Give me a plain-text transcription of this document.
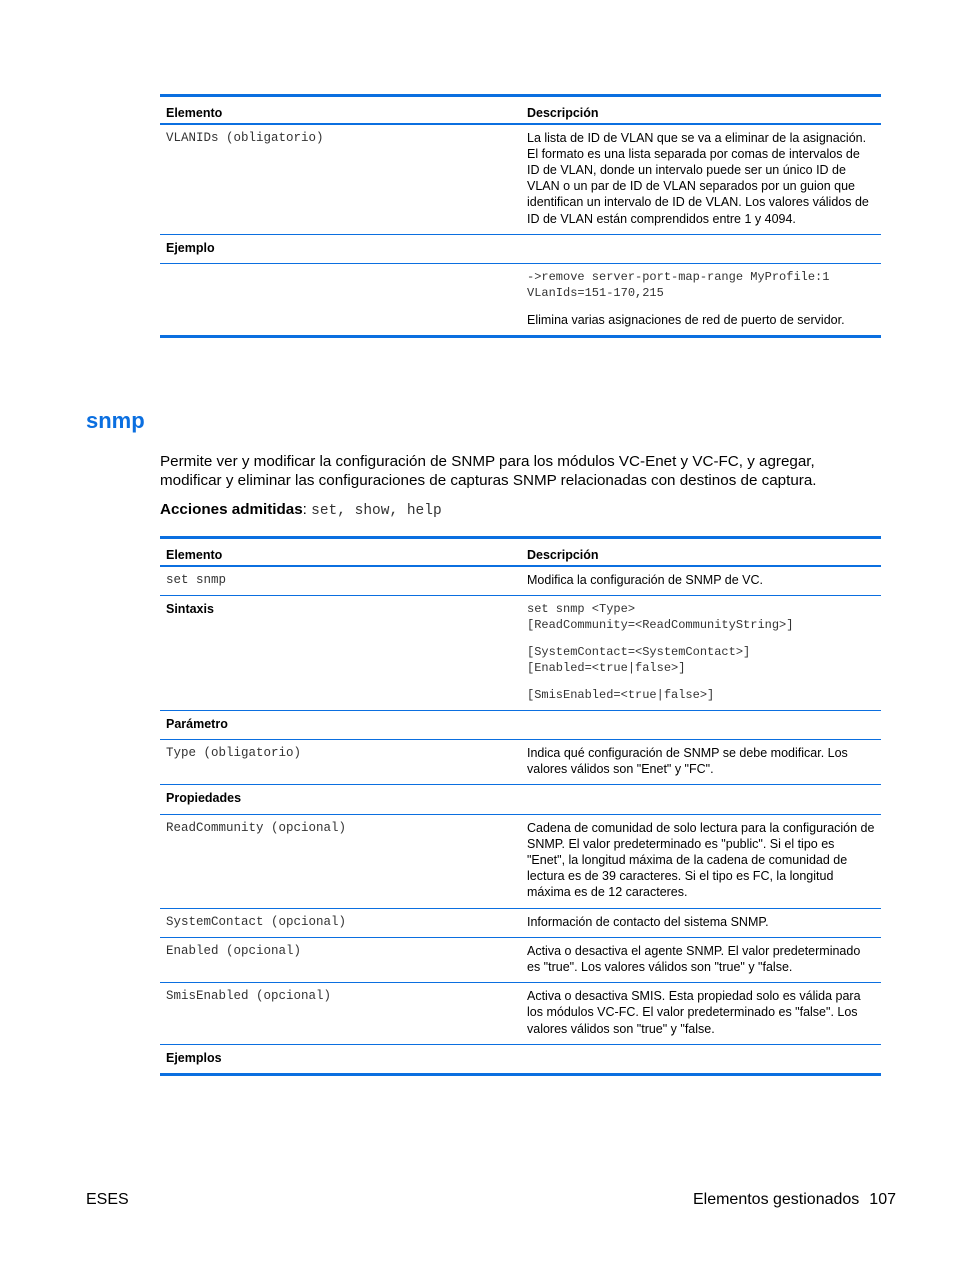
Elemento	Descripción
VLANIDs (obligatorio)	La lista de ID de VLAN que se va a eliminar de la asignación. El formato es una lista separada por comas de intervalos de ID de VLAN, donde un intervalo puede ser un único ID de VLAN o un par de ID de VLAN separados por un guion que identifican un intervalo de ID de VLAN. Los valores válidos de ID de VLAN están comprendidos entre 1 y 4094.
Ejemplo	

	->remove server-port-map-range MyProfile:1
VLanIds=151-170,215

Elimina varias asignaciones de red de puerto de servidor.

snmp

Permite ver y modificar la configuración de SNMP para los módulos VC-Enet y VC-FC, y agregar, modificar y eliminar las configuraciones de capturas SNMP relacionadas con destinos de captura.

Acciones admitidas: set, show, help

Elemento	Descripción
set snmp	Modifica la configuración de SNMP de VC.
Sintaxis	set snmp <Type>
[ReadCommunity=<ReadCommunityString>]

[SystemContact=<SystemContact>]
[Enabled=<true|false>]

[SmisEnabled=<true|false>]

Parámetro	
Type (obligatorio)	Indica qué configuración de SNMP se debe modificar. Los valores válidos son "Enet" y "FC".
Propiedades	
ReadCommunity (opcional)	Cadena de comunidad de solo lectura para la configuración de SNMP. El valor predeterminado es "public". Si el tipo es "Enet", la longitud máxima de la cadena de comunidad de lectura es de 39 caracteres. Si el tipo es FC, la longitud máxima es de 12 caracteres.
SystemContact (opcional)	Información de contacto del sistema SNMP.
Enabled (opcional)	Activa o desactiva el agente SNMP. El valor predeterminado es "true". Los valores válidos son "true" y "false.
SmisEnabled (opcional)	Activa o desactiva SMIS. Esta propiedad solo es válida para los módulos VC-FC. El valor predeterminado es "false". Los valores válidos son "true" y "false.
Ejemplos	
ESES	Elementos gestionados 107
